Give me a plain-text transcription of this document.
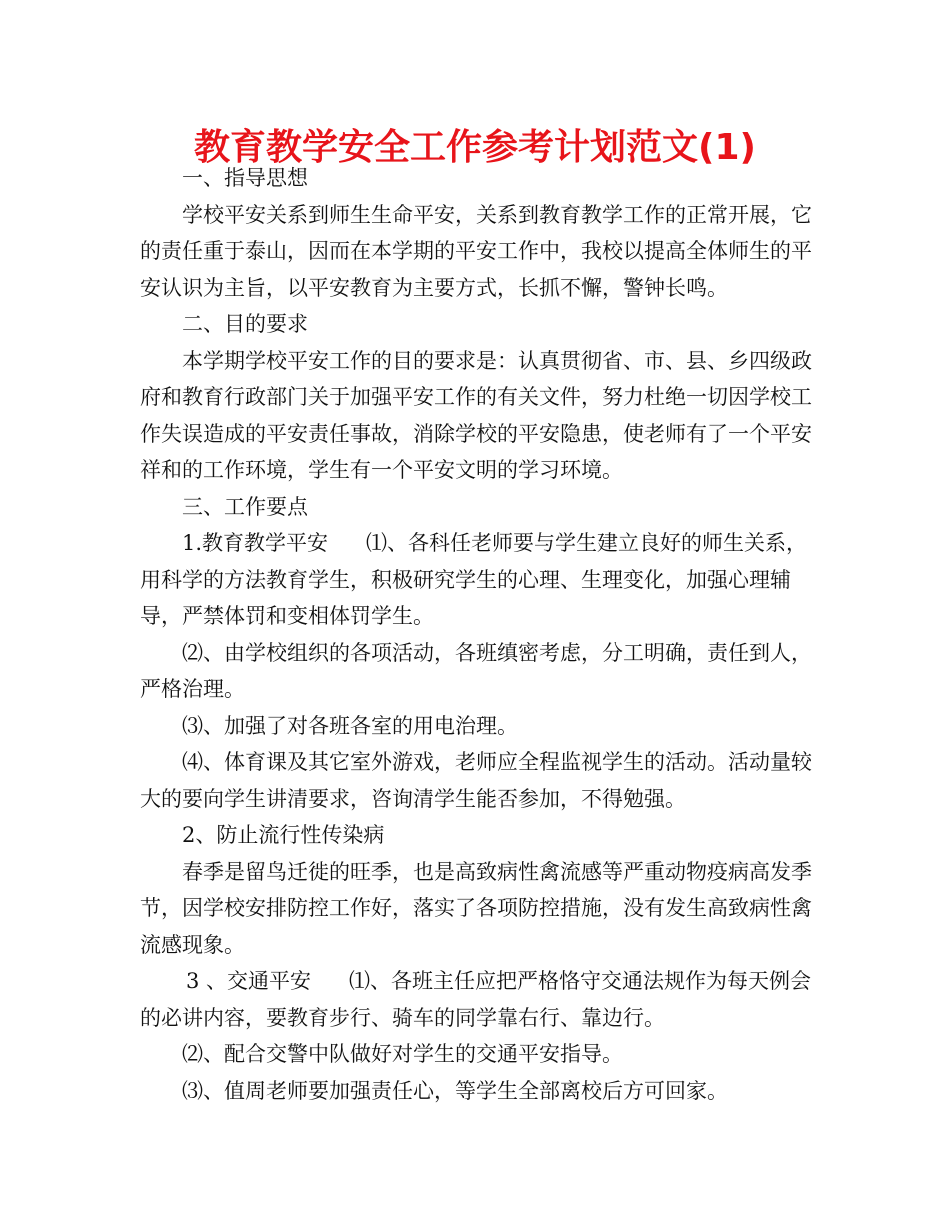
教育教学安全工作参考计划范文(1)

一、指导思想

学校平安关系到师生生命平安，关系到教育教学工作的正常开展，它的责任重于泰山，因而在本学期的平安工作中，我校以提高全体师生的平安认识为主旨，以平安教育为主要方式，长抓不懈，警钟长鸣。

二、目的要求

本学期学校平安工作的目的要求是：认真贯彻省、市、县、乡四级政府和教育行政部门关于加强平安工作的有关文件，努力杜绝一切因学校工作失误造成的平安责任事故，消除学校的平安隐患，使老师有了一个平安祥和的工作环境，学生有一个平安文明的学习环境。

三、工作要点

1.教育教学平安 ⑴、各科任老师要与学生建立良好的师生关系，用科学的方法教育学生，积极研究学生的心理、生理变化，加强心理辅导，严禁体罚和变相体罚学生。

⑵、由学校组织的各项活动，各班缜密考虑，分工明确，责任到人，严格治理。

⑶、加强了对各班各室的用电治理。

⑷、体育课及其它室外游戏，老师应全程监视学生的活动。活动量较大的要向学生讲清要求，咨询清学生能否参加，不得勉强。

2、防止流行性传染病

春季是留鸟迁徙的旺季，也是高致病性禽流感等严重动物疫病高发季节，因学校安排防控工作好，落实了各项防控措施，没有发生高致病性禽流感现象。

3 、交通平安 ⑴、各班主任应把严格恪守交通法规作为每天例会的必讲内容，要教育步行、骑车的同学靠右行、靠边行。

⑵、配合交警中队做好对学生的交通平安指导。

⑶、值周老师要加强责任心，等学生全部离校后方可回家。
